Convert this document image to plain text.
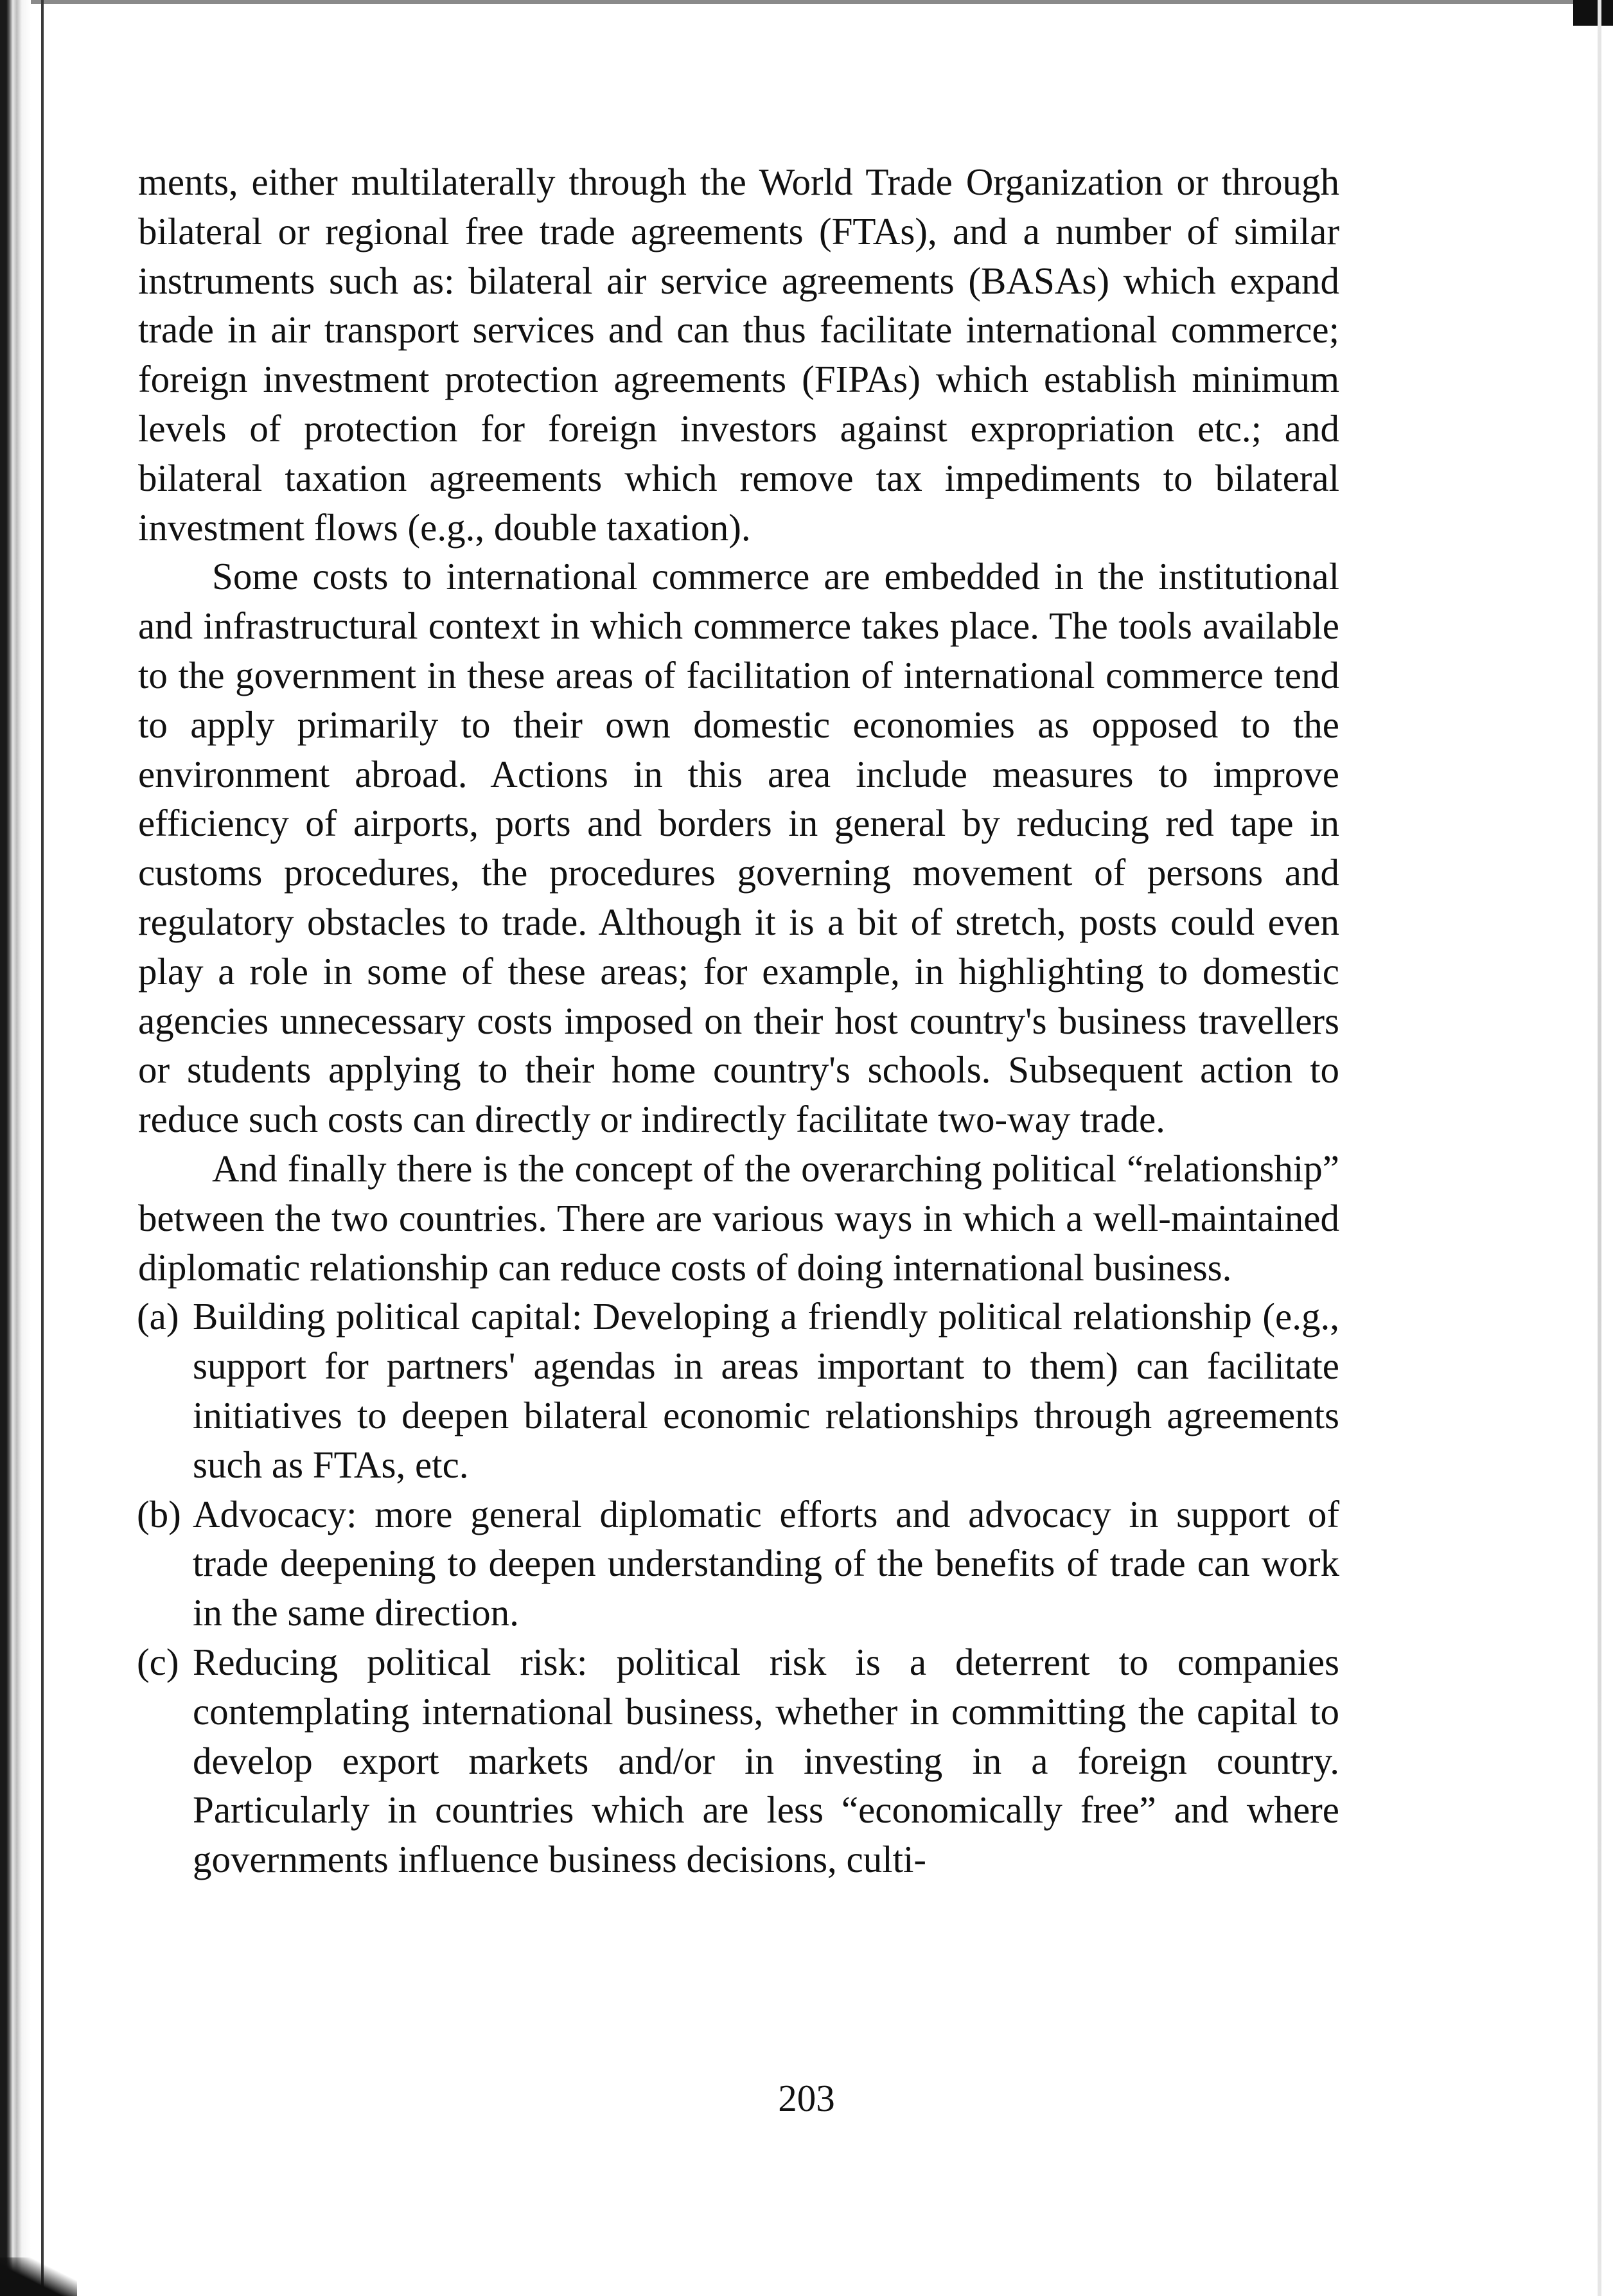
ments, either multilaterally through the World Trade Organization or through bilateral or regional free trade agreements (FTAs), and a number of similar instruments such as: bilateral air service agreements (BASAs) which expand trade in air transport services and can thus facilitate international commerce; foreign investment protection agreements (FIPAs) which establish minimum levels of protection for foreign investors against expropriation etc.; and bilateral taxation agreements which remove tax impediments to bilateral investment flows (e.g., double taxation).

Some costs to international commerce are embedded in the institutional and infrastructural context in which commerce takes place. The tools available to the government in these areas of facilitation of international commerce tend to apply primarily to their own domestic economies as opposed to the environment abroad. Actions in this area include measures to improve efficiency of airports, ports and borders in general by reducing red tape in customs procedures, the procedures governing movement of persons and regulatory obstacles to trade. Although it is a bit of stretch, posts could even play a role in some of these areas; for example, in highlighting to domestic agencies unnecessary costs imposed on their host country's business travellers or students applying to their home country's schools. Subsequent action to reduce such costs can directly or indirectly facilitate two-way trade.

And finally there is the concept of the overarching political “relationship” between the two countries. There are various ways in which a well-maintained diplomatic relationship can reduce costs of doing international business.

(a) Building political capital: Developing a friendly political relationship (e.g., support for partners' agendas in areas important to them) can facilitate initiatives to deepen bilateral economic relationships through agreements such as FTAs, etc.
(b) Advocacy: more general diplomatic efforts and advocacy in support of trade deepening to deepen understanding of the benefits of trade can work in the same direction.
(c) Reducing political risk: political risk is a deterrent to companies contemplating international business, whether in committing the capital to develop export markets and/or in investing in a foreign country. Particularly in countries which are less “economically free” and where governments influence business decisions, culti-
203
